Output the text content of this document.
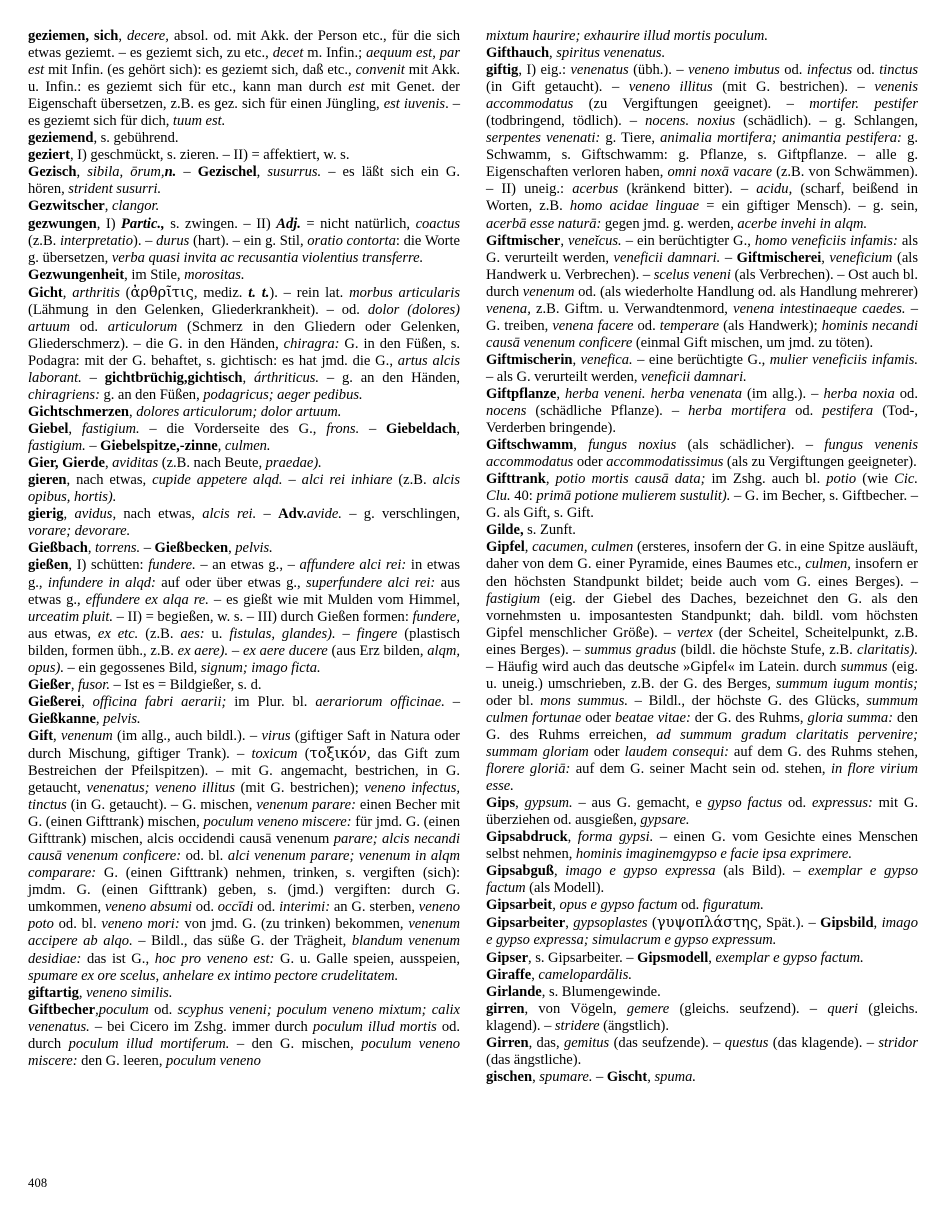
geziemen, sich, decere, absol. od. mit Akk. der Person etc., für die sich etwas geziemt. – es geziemt sich, zu etc., decet m. Infin.; aequum est, par est mit Infin. (es gehört sich): es geziemt sich, daß etc., convenit mit Akk. u. Infin.: es geziemt sich für etc., kann man durch est mit Genet. der Eigenschaft übersetzen, z.B. es gez. sich für einen Jüngling, est iuvenis. – es geziemt sich für dich, tuum est.

geziemend, s. gebührend.

geziert, I) geschmückt, s. zieren. – II) = affektiert, w. s.

Gezisch, sibila, ōrum,n. – Gezischel, susurrus. – es läßt sich ein G. hören, strident susurri.

Gezwitscher, clangor.

gezwungen, I) Partic., s. zwingen. – II) Adj. = nicht natürlich, coactus (z.B. interpretatio). – durus (hart). – ein g. Stil, oratio contorta: die Worte g. übersetzen, verba quasi invita ac recusantia violentius transferre.

Gezwungenheit, im Stile, morositas.

Gicht, arthritis (ἀρθρῖτις, mediz. t. t.). – rein lat. morbus articularis (Lähmung in den Gelenken, Gliederkrankheit). – od. dolor (dolores) artuum od. articulorum (Schmerz in den Gliedern oder Gelenken, Gliederschmerz). – die G. in den Händen, chiragra: G. in den Füßen, s. Podagra: mit der G. behaftet, s. gichtisch: es hat jmd. die G., artus alcis laborant. – gichtbrüchig,gichtisch, árthriticus. – g. an den Händen, chiragriens: g. an den Füßen, podagricus; aeger pedibus.

Gichtschmerzen, dolores articulorum; dolor artuum.

Giebel, fastigium. – die Vorderseite des G., frons. – Giebeldach, fastigium. – Giebelspitze,-zinne, culmen.

Gier, Gierde, aviditas (z.B. nach Beute, praedae).

gieren, nach etwas, cupide appetere alqd. – alci rei inhiare (z.B. alcis opibus, hortis).

gierig, avidus, nach etwas, alcis rei. – Adv.avide. – g. verschlingen, vorare; devorare.

Gießbach, torrens. – Gießbecken, pelvis.

gießen, I) schütten: fundere. – an etwas g., – affundere alci rei: in etwas g., infundere in alqd: auf oder über etwas g., superfundere alci rei: aus etwas g., effundere ex alqa re. – es gießt wie mit Mulden vom Himmel, urceatim pluit. – II) = begießen, w. s. – III) durch Gießen formen: fundere, aus etwas, ex etc. (z.B. aes: u. fistulas, glandes). – fingere (plastisch bilden, formen übh., z.B. ex aere). – ex aere ducere (aus Erz bilden, alqm, opus). – ein gegossenes Bild, signum; imago ficta.

Gießer, fusor. – Ist es = Bildgießer, s. d.

Gießerei, officina fabri aerarii; im Plur. bl. aerariorum officinae. – Gießkanne, pelvis.

Gift, venenum (im allg., auch bildl.). – virus (giftiger Saft in Natura oder durch Mischung, giftiger Trank). – toxicum (τοξικόν, das Gift zum Bestreichen der Pfeilspitzen). – mit G. angemacht, bestrichen, in G. getaucht, venenatus; veneno illitus (mit G. bestrichen); veneno infectus, tinctus (in G. getaucht). – G. mischen, venenum parare: einen Becher mit G. (einen Gifttrank) mischen, poculum veneno miscere: für jmd. G. (einen Gifttrank) mischen, alcis occidendi causā venenum parare; alcis necandi causā venenum conficere: od. bl. alci venenum parare; venenum in alqm comparare: G. (einen Gifttrank) nehmen, trinken, s. vergiften (sich): jmdm. G. (einen Gifttrank) geben, s. (jmd.) vergiften: durch G. umkommen, veneno absumi od. occīdi od. interimi: an G. sterben, veneno poto od. bl. veneno mori: von jmd. G. (zu trinken) bekommen, venenum accipere ab alqo. – Bildl., das süße G. der Trägheit, blandum venenum desidiae: das ist G., hoc pro veneno est: G. u. Galle speien, ausspeien, spumare ex ore scelus, anhelare ex intimo pectore crudelitatem.

giftartig, veneno similis.

Giftbecher,poculum od. scyphus veneni; poculum veneno mixtum; calix venenatus. – bei Cicero im Zshg. immer durch poculum illud mortis od. durch poculum illud mortiferum. – den G. mischen, poculum veneno miscere: den G. leeren, poculum veneno

mixtum haurire; exhaurire illud mortis poculum.

Gifthauch, spiritus venenatus.

giftig, I) eig.: venenatus (übh.). – veneno imbutus od. infectus od. tinctus (in Gift getaucht). – veneno illitus (mit G. bestrichen). – venenis accommodatus (zu Vergiftungen geeignet). – mortifer. pestifer (todbringend, tödlich). – nocens. noxius (schädlich). – g. Schlangen, serpentes venenati: g. Tiere, animalia mortifera; animantia pestifera: g. Schwamm, s. Giftschwamm: g. Pflanze, s. Giftpflanze. – alle g. Eigenschaften verloren haben, omni noxā vacare (z.B. von Schwämmen). – II) uneig.: acerbus (kränkend bitter). – acidu, (scharf, beißend in Worten, z.B. homo acidae linguae = ein giftiger Mensch). – g. sein, acerbā esse naturā: gegen jmd. g. werden, acerbe invehi in alqm.

Giftmischer, veneĭcus. – ein berüchtigter G., homo veneficiis infamis: als G. verurteilt werden, veneficii damnari. – Giftmischerei, veneficium (als Handwerk u. Verbrechen). – scelus veneni (als Verbrechen). – Ost auch bl. durch venenum od. (als wiederholte Handlung od. als Handlung mehrerer) venena, z.B. Giftm. u. Verwandtenmord, venena intestinaeque caedes. – G. treiben, venena facere od. temperare (als Handwerk); hominis necandi causā venenum conficere (einmal Gift mischen, um jmd. zu töten).

Giftmischerin, venefica. – eine berüchtigte G., mulier veneficiis infamis. – als G. verurteilt werden, veneficii damnari.

Giftpflanze, herba veneni. herba venenata (im allg.). – herba noxia od. nocens (schädliche Pflanze). – herba mortifera od. pestifera (Tod-, Verderben bringende).

Giftschwamm, fungus noxius (als schädlicher). – fungus venenis accommodatus oder accommodatissimus (als zu Vergiftungen geeigneter).

Gifttrank, potio mortis causā data; im Zshg. auch bl. potio (wie Cic. Clu. 40: primā potione mulierem sustulit). – G. im Becher, s. Giftbecher. – G. als Gift, s. Gift.

Gilde, s. Zunft.

Gipfel, cacumen, culmen (ersteres, insofern der G. in eine Spitze ausläuft, daher von dem G. einer Pyramide, eines Baumes etc., culmen, insofern er den höchsten Standpunkt bildet; beide auch vom G. eines Berges). – fastigium (eig. der Giebel des Daches, bezeichnet den G. als den vornehmsten u. imposantesten Standpunkt; dah. bildl. vom höchsten Gipfel menschlicher Größe). – vertex (der Scheitel, Scheitelpunkt, z.B. eines Berges). – summus gradus (bildl. die höchste Stufe, z.B. claritatis). – Häufig wird auch das deutsche »Gipfel« im Latein. durch summus (eig. u. uneig.) umschrieben, z.B. der G. des Berges, summum iugum montis; oder bl. mons summus. – Bildl., der höchste G. des Glücks, summum culmen fortunae oder beatae vitae: der G. des Ruhms, gloria summa: den G. des Ruhms erreichen, ad summum gradum claritatis pervenire; summam gloriam oder laudem consequi: auf dem G. des Ruhms stehen, florere gloriā: auf dem G. seiner Macht sein od. stehen, in flore virium esse.

Gips, gypsum. – aus G. gemacht, e gypso factus od. expressus: mit G. überziehen od. ausgießen, gypsare.

Gipsabdruck, forma gypsi. – einen G. vom Gesichte eines Menschen selbst nehmen, hominis imaginemgypso e facie ipsa exprimere.

Gipsabguß, imago e gypso expressa (als Bild). – exemplar e gypso factum (als Modell).

Gipsarbeit, opus e gypso factum od. figuratum.

Gipsarbeiter, gypsoplastes (γυψοπλάστης, Spät.). – Gipsbild, imago e gypso expressa; simulacrum e gypso expressum.

Gipser, s. Gipsarbeiter. – Gipsmodell, exemplar e gypso factum.

Giraffe, camelopardălis.

Girlande, s. Blumengewinde.

girren, von Vögeln, gemere (gleichs. seufzend). – queri (gleichs. klagend). – stridere (ängstlich).

Girren, das, gemitus (das seufzende). – questus (das klagende). – stridor (das ängstliche).

gischen, spumare. – Gischt, spuma.

408
